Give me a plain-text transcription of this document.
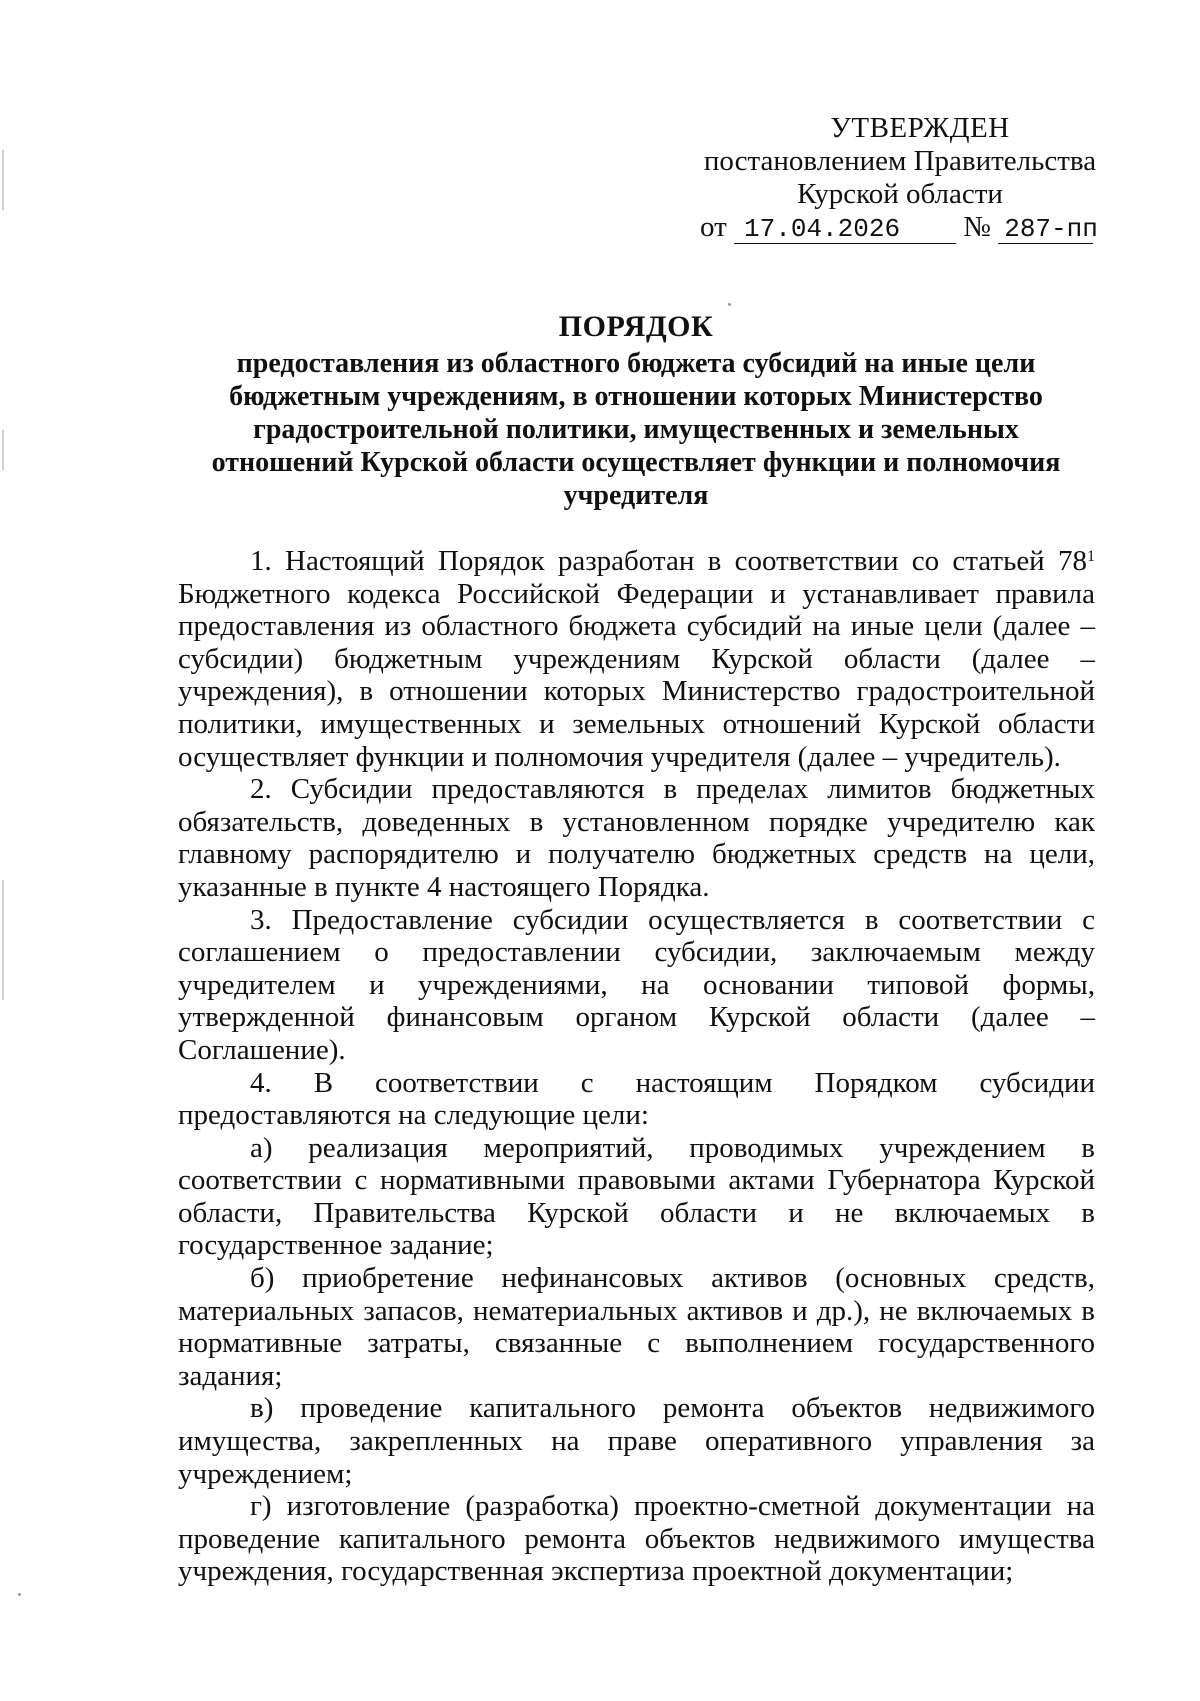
УТВЕРЖДЕН
постановлением Правительства
Курской области
от 17.04.2026 № 287-пп
ПОРЯДОК
предоставления из областного бюджета субсидий на иные цели
бюджетным учреждениям, в отношении которых Министерство
градостроительной политики, имущественных и земельных
отношений Курской области осуществляет функции и полномочия
учредителя

1. Настоящий Порядок разработан в соответствии со статьей 78$^1$ Бюджетного кодекса Российской Федерации и устанавливает правила предоставления из областного бюджета субсидий на иные цели (далее – субсидии) бюджетным учреждениям Курской области (далее – учреждения), в отношении которых Министерство градостроительной политики, имущественных и земельных отношений Курской области осуществляет функции и полномочия учредителя (далее – учредитель).

2. Субсидии предоставляются в пределах лимитов бюджетных обязательств, доведенных в установленном порядке учредителю как главному распорядителю и получателю бюджетных средств на цели, указанные в пункте 4 настоящего Порядка.

3. Предоставление субсидии осуществляется в соответствии с соглашением о предоставлении субсидии, заключаемым между учредителем и учреждениями, на основании типовой формы, утвержденной финансовым органом Курской области (далее – Соглашение).

4. В соответствии с настоящим Порядком субсидии предоставляются на следующие цели:

а) реализация мероприятий, проводимых учреждением в соответствии с нормативными правовыми актами Губернатора Курской области, Правительства Курской области и не включаемых в государственное задание;

б) приобретение нефинансовых активов (основных средств, материальных запасов, нематериальных активов и др.), не включаемых в нормативные затраты, связанные с выполнением государственного задания;

в) проведение капитального ремонта объектов недвижимого имущества, закрепленных на праве оперативного управления за учреждением;

г) изготовление (разработка) проектно-сметной документации на проведение капитального ремонта объектов недвижимого имущества учреждения, государственная экспертиза проектной документации;
